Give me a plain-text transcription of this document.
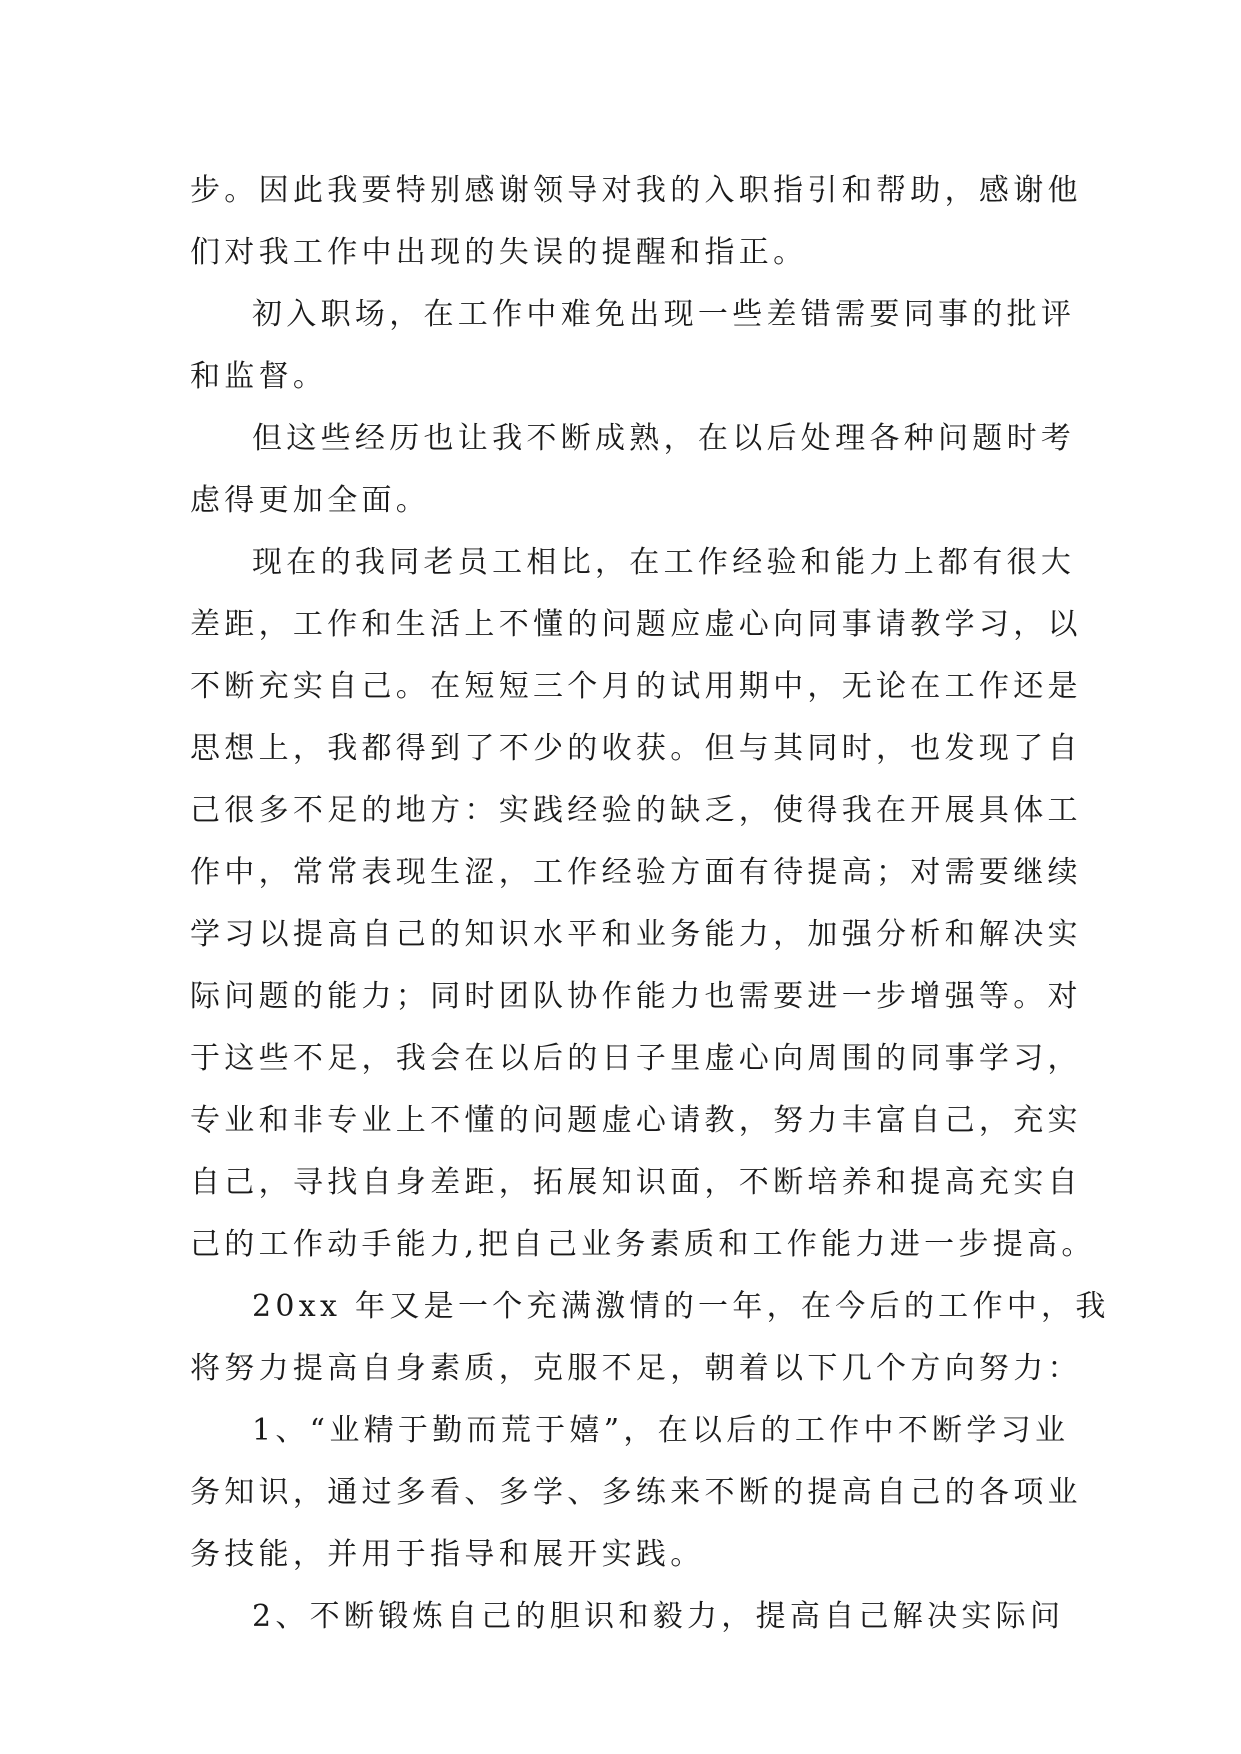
步。因此我要特别感谢领导对我的入职指引和帮助，感谢他
们对我工作中出现的失误的提醒和指正。
初入职场，在工作中难免出现一些差错需要同事的批评
和监督。
但这些经历也让我不断成熟，在以后处理各种问题时考
虑得更加全面。
现在的我同老员工相比，在工作经验和能力上都有很大
差距，工作和生活上不懂的问题应虚心向同事请教学习，以
不断充实自己。在短短三个月的试用期中，无论在工作还是
思想上，我都得到了不少的收获。但与其同时，也发现了自
己很多不足的地方：实践经验的缺乏，使得我在开展具体工
作中，常常表现生涩，工作经验方面有待提高；对需要继续
学习以提高自己的知识水平和业务能力，加强分析和解决实
际问题的能力；同时团队协作能力也需要进一步增强等。对
于这些不足，我会在以后的日子里虚心向周围的同事学习，
专业和非专业上不懂的问题虚心请教，努力丰富自己，充实
自己，寻找自身差距，拓展知识面，不断培养和提高充实自
己的工作动手能力,把自己业务素质和工作能力进一步提高。
20xx 年又是一个充满激情的一年，在今后的工作中，我
将努力提高自身素质，克服不足，朝着以下几个方向努力：
1、“业精于勤而荒于嬉”，在以后的工作中不断学习业
务知识，通过多看、多学、多练来不断的提高自己的各项业
务技能，并用于指导和展开实践。
2、不断锻炼自己的胆识和毅力，提高自己解决实际问
